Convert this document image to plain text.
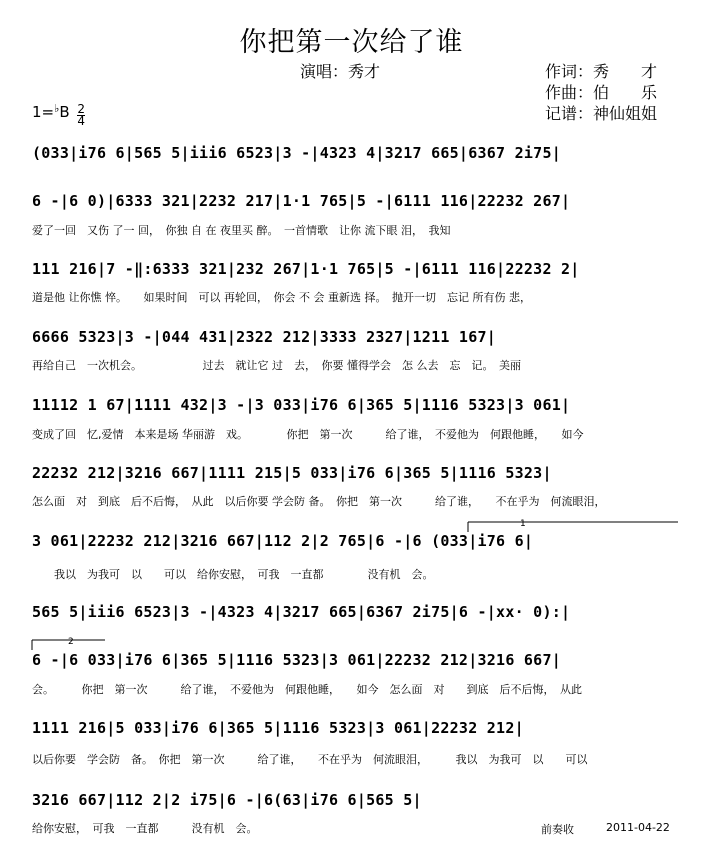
你把第一次给了谁
演唱：秀才	作词：秀　　才
作曲：伯　　乐
记谱：神仙姐姐
$1=^♭B \frac{2}{4}$
(033|i76 6|565 5|iii6 6523|3 -|4323 4|3217 665|6367 2i75|
6 -|6 0)|6333 321|2232 217|1·1 765|5 -|6111 116|22232 267|
爱了一回　又伤 了一 回，　你独 自 在 夜里买 醉。　一首情歌　让你 流下眼 泪，　我知
111 216|7 -‖:6333 321|232 267|1·1 765|5 -|6111 116|22232 2|
道是他 让你憔 悴。　　如果时间　可以 再轮回，　你会 不 会 重新选 择。　抛开一切　忘记 所有伤 悲，
6666 5323|3 -|044 431|2322 212|3333 2327|1211 167|
再给自己　一次机会。　　　　　　过去　就让它 过　去，　你要 懂得学会　怎 么去　忘　记。　美丽
11112 1 67|1111 432|3 -|3 033|i76 6|365 5|1116 5323|3 061|
变成了回　忆,爱情　本来是场 华丽游　戏。　　　　你把　第一次　　　给了谁，　不爱他为　何跟他睡，　　如今
22232 212|3216 667|1111 215|5 033|i76 6|365 5|1116 5323|
怎么面　对　到底　后不后悔，　从此　以后你要 学会防 备。　你把　第一次　　　给了谁，　　不在乎为　何流眼泪，
3 061|22232 212|3216 667|112 2|2 765|6 -|6 (033|i76 6|
　　我以　为我可　以　　可以　给你安慰，　可我　一直都　　　　没有机　会。
565 5|iii6 6523|3 -|4323 4|3217 665|6367 2i75|6 -|xx· 0):|
6 -|6 033|i76 6|365 5|1116 5323|3 061|22232 212|3216 667|
会。　　　你把　第一次　　　给了谁，　不爱他为　何跟他睡，　　如今　怎么面　对　　到底　后不后悔，　从此
1111 216|5 033|i76 6|365 5|1116 5323|3 061|22232 212|
以后你要　学会防　备。　你把　第一次　　　给了谁，　　不在乎为　何流眼泪，　　　我以　为我可　以　　可以
3216 667|112 2|2 i75|6 -|6(63|i76 6|565 5|
给你安慰，　可我　一直都　　　没有机　会。
1
2
前奏收	2011-04-22
